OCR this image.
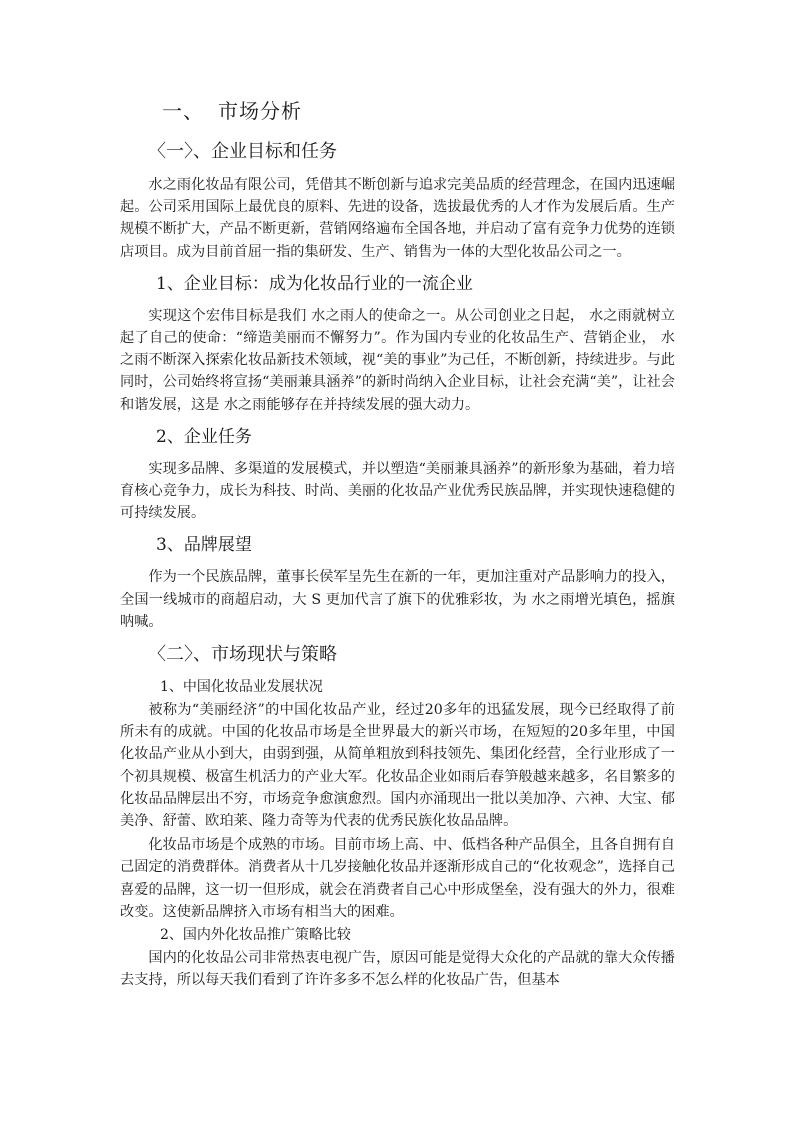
一、 市场分析
〈一〉、企业目标和任务

水之雨化妆品有限公司，凭借其不断创新与追求完美品质的经营理念，在国内迅速崛起。公司采用国际上最优良的原料、先进的设备，选拔最优秀的人才作为发展后盾。生产规模不断扩大，产品不断更新，营销网络遍布全国各地，并启动了富有竞争力优势的连锁店项目。成为目前首屈一指的集研发、生产、销售为一体的大型化妆品公司之一。

1、企业目标：成为化妆品行业的一流企业

实现这个宏伟目标是我们 水之雨人的使命之一。从公司创业之日起， 水之雨就树立起了自己的使命：“缔造美丽而不懈努力”。作为国内专业的化妆品生产、营销企业， 水之雨不断深入探索化妆品新技术领域，视“美的事业”为己任，不断创新，持续进步。与此同时，公司始终将宣扬“美丽兼具涵养”的新时尚纳入企业目标，让社会充满“美”，让社会和谐发展，这是 水之雨能够存在并持续发展的强大动力。

2、企业任务

实现多品牌、多渠道的发展模式，并以塑造“美丽兼具涵养”的新形象为基础，着力培育核心竞争力，成长为科技、时尚、美丽的化妆品产业优秀民族品牌，并实现快速稳健的可持续发展。

3、品牌展望

作为一个民族品牌，董事长侯军呈先生在新的一年，更加注重对产品影响力的投入，全国一线城市的商超启动，大 S 更加代言了旗下的优雅彩妆，为 水之雨增光填色，摇旗呐喊。

〈二〉、市场现状与策略
1、中国化妆品业发展状况

被称为“美丽经济”的中国化妆品产业，经过20多年的迅猛发展，现今已经取得了前所未有的成就。中国的化妆品市场是全世界最大的新兴市场，在短短的20多年里，中国化妆品产业从小到大，由弱到强，从简单粗放到科技领先、集团化经营，全行业形成了一个初具规模、极富生机活力的产业大军。化妆品企业如雨后春笋般越来越多，名目繁多的化妆品品牌层出不穷，市场竞争愈演愈烈。国内亦涌现出一批以美加净、六神、大宝、郁美净、舒蕾、欧珀莱、隆力奇等为代表的优秀民族化妆品品牌。

化妆品市场是个成熟的市场。目前市场上高、中、低档各种产品俱全，且各自拥有自己固定的消费群体。消费者从十几岁接触化妆品并逐渐形成自己的“化妆观念”，选择自己喜爱的品牌，这一切一但形成，就会在消费者自己心中形成堡垒，没有强大的外力，很难改变。这使新品牌挤入市场有相当大的困难。

2、国内外化妆品推广策略比较

国内的化妆品公司非常热衷电视广告，原因可能是觉得大众化的产品就的靠大众传播去支持，所以每天我们看到了许许多多不怎么样的化妆品广告，但基本
